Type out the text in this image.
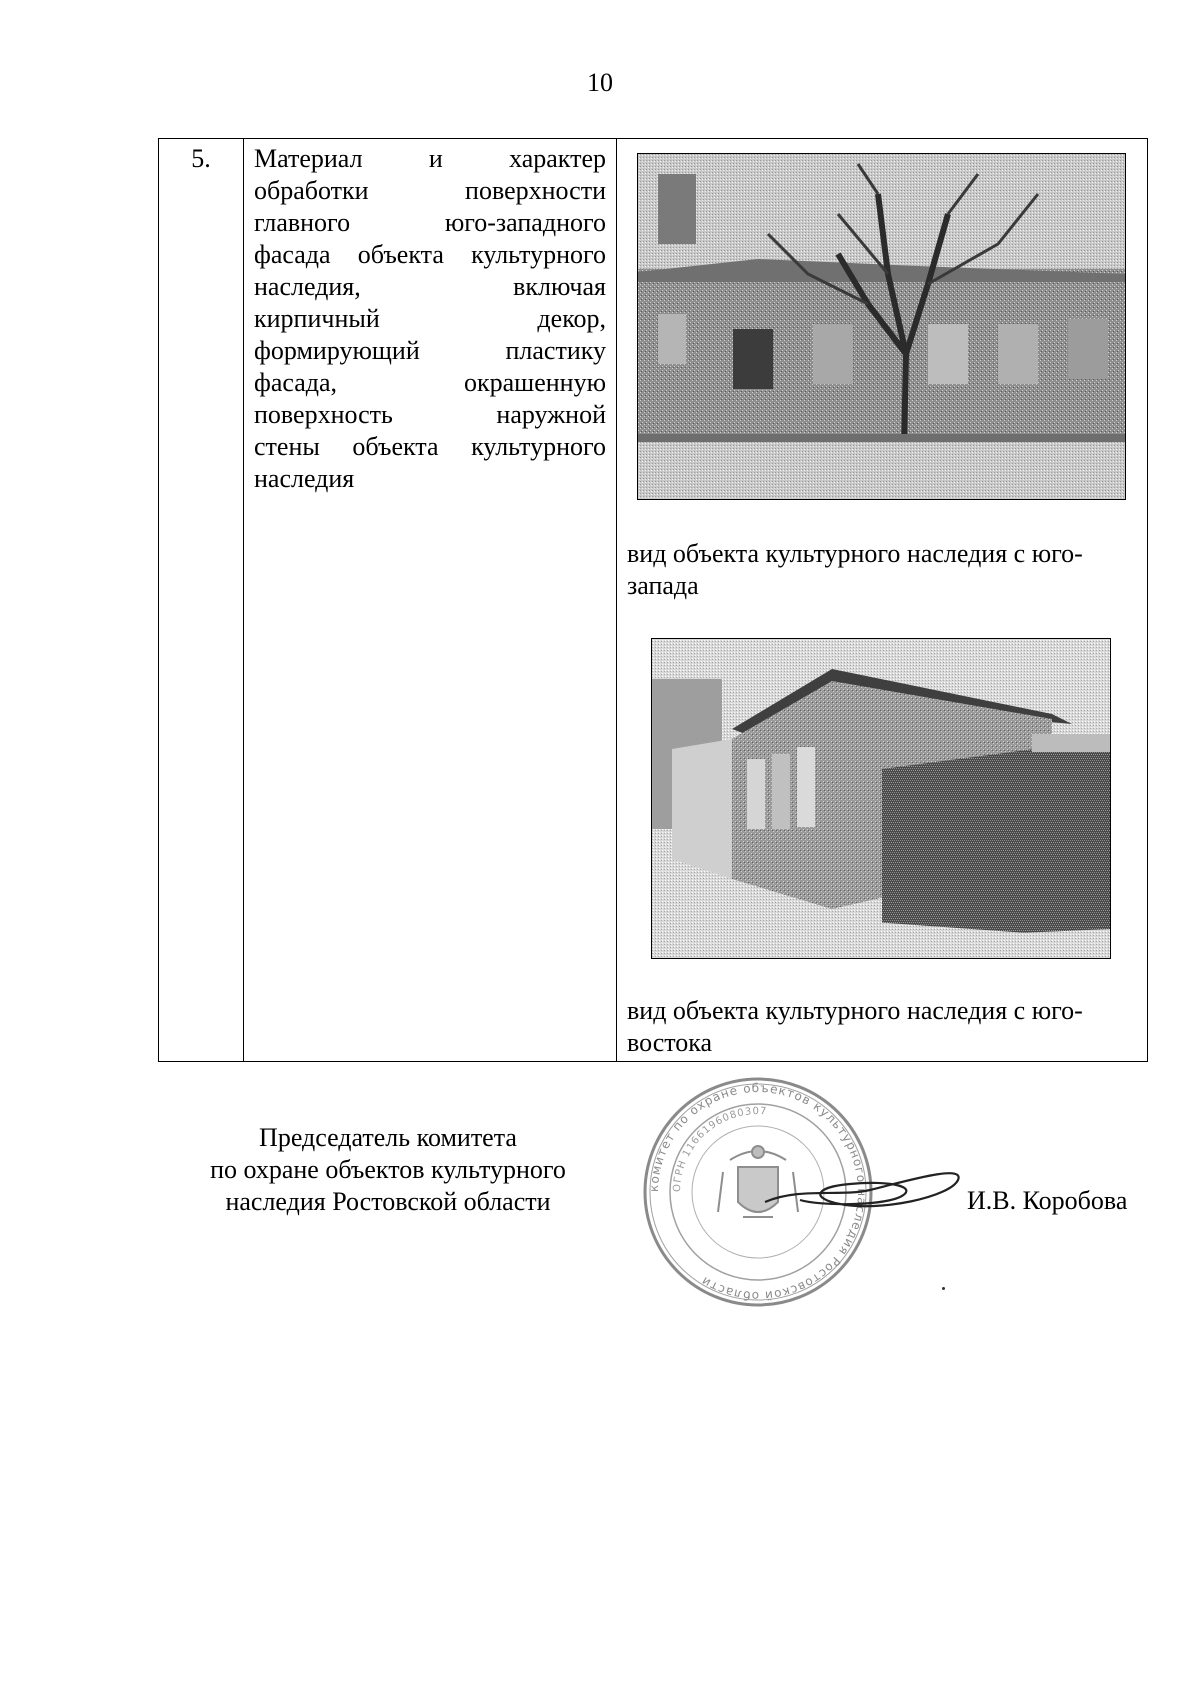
10
5.	Материал и характер
обработки поверхности
главного юго-западного
фасада объекта культурного
наследия, включая
кирпичный декор,
формирующий пластику
фасада, окрашенную
поверхность наружной
стены объекта культурного
наследия

вид объекта культурного наследия с юго-запада
вид объекта культурного наследия с юго-востока
Председатель комитета
по охране объектов культурного
наследия Ростовской области	комитет по охране объектов культурного наследия Ростовской области
ОГРН 1166196080307
И.В. Коробова
